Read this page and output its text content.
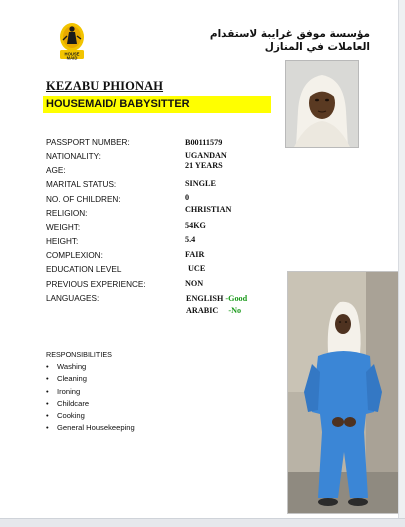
HOUSE
MAID
مؤسسة موفق غرايبة لاستقدام العاملات في المنازل
KEZABU PHIONAH
HOUSEMAID/ BABYSITTER
PASSPORT NUMBER:	B00111579
NATIONALITY:	UGANDAN
AGE:
21 YEARS
MARITAL STATUS:	SINGLE
NO. OF CHILDREN:	0
RELIGION:	CHRISTIAN
WEIGHT:	54KG
HEIGHT:	5.4
COMPLEXION:	FAIR
EDUCATION LEVEL	UCE
PREVIOUS EXPERIENCE:	NON
LANGUAGES:	ENGLISH -Good
ARABIC -No
RESPONSIBILITIES
• Washing
• Cleaning
• Ironing
• Childcare
• Cooking
• General Housekeeping
